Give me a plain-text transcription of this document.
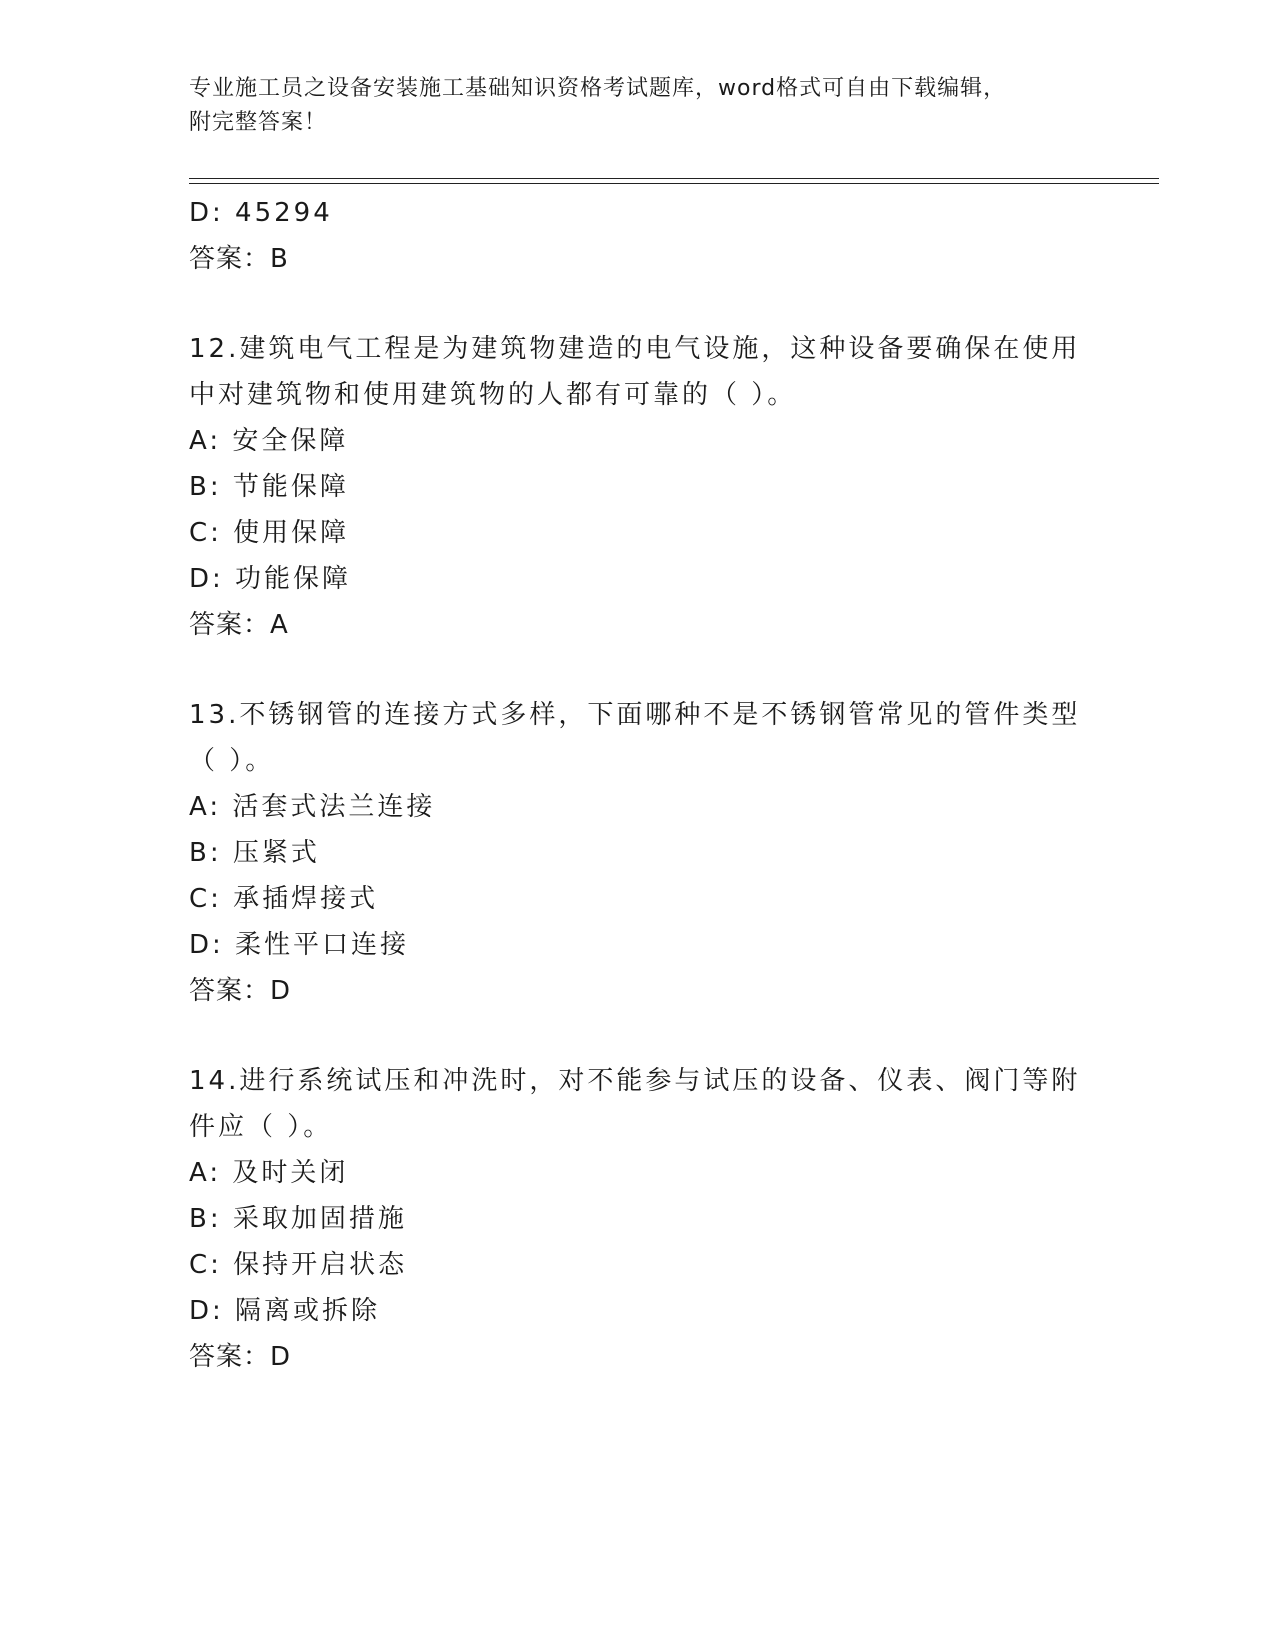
专业施工员之设备安装施工基础知识资格考试题库，word格式可自由下载编辑，
附完整答案！
D: 45294
答案：B
12.建筑电气工程是为建筑物建造的电气设施，这种设备要确保在使用
中对建筑物和使用建筑物的人都有可靠的（ ）。
A: 安全保障
B: 节能保障
C: 使用保障
D: 功能保障
答案：A
13.不锈钢管的连接方式多样，下面哪种不是不锈钢管常见的管件类型
（ ）。
A: 活套式法兰连接
B: 压紧式
C: 承插焊接式
D: 柔性平口连接
答案：D
14.进行系统试压和冲洗时，对不能参与试压的设备、仪表、阀门等附
件应（ ）。
A: 及时关闭
B: 采取加固措施
C: 保持开启状态
D: 隔离或拆除
答案：D
